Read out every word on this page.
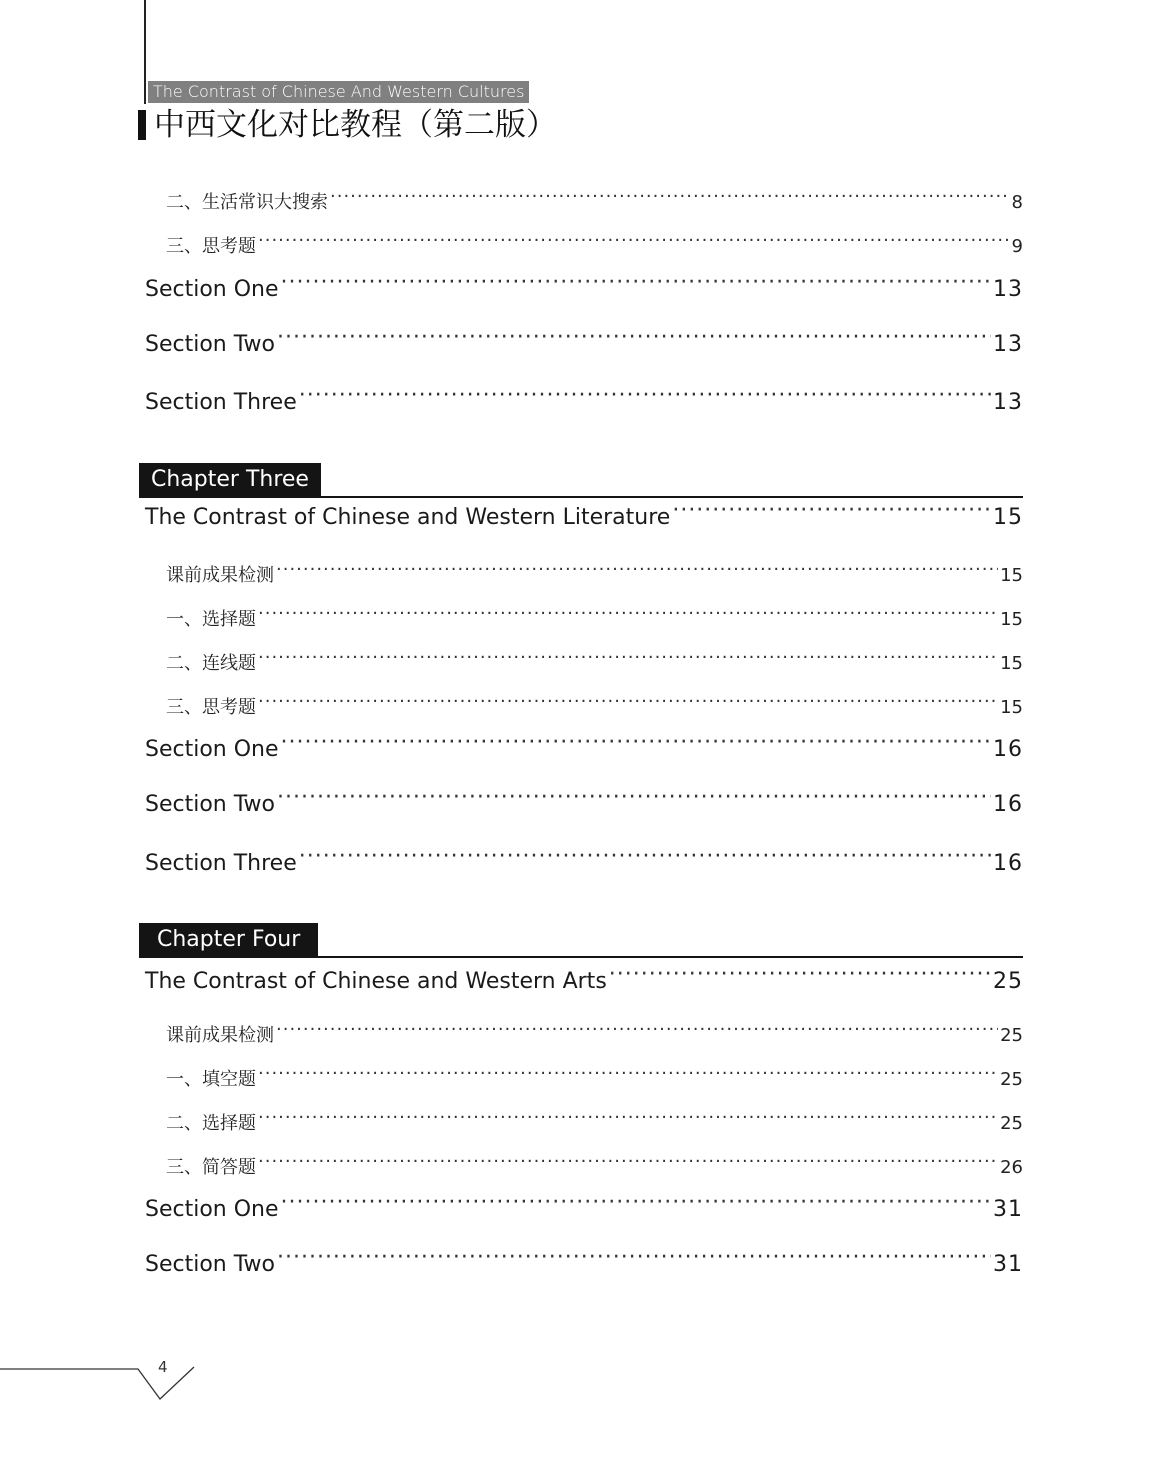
The Contrast of Chinese And Western Cultures
中西文化对比教程（第二版）
二、生活常识大搜索 ·····	8
三、思考题 ·····	9
Section One ·····	13
Section Two ·····	13
Section Three ·····	13
Chapter Three
The Contrast of Chinese and Western Literature ·····	15
课前成果检测 ·····	15
一、选择题 ·····	15
二、连线题 ·····	15
三、思考题 ·····	15
Section One ·····	16
Section Two ·····	16
Section Three ·····	16
Chapter Four
The Contrast of Chinese and Western Arts ·····	25
课前成果检测 ·····	25
一、填空题 ·····	25
二、选择题 ·····	25
三、简答题 ·····	26
Section One ·····	31
Section Two ·····	31
4
